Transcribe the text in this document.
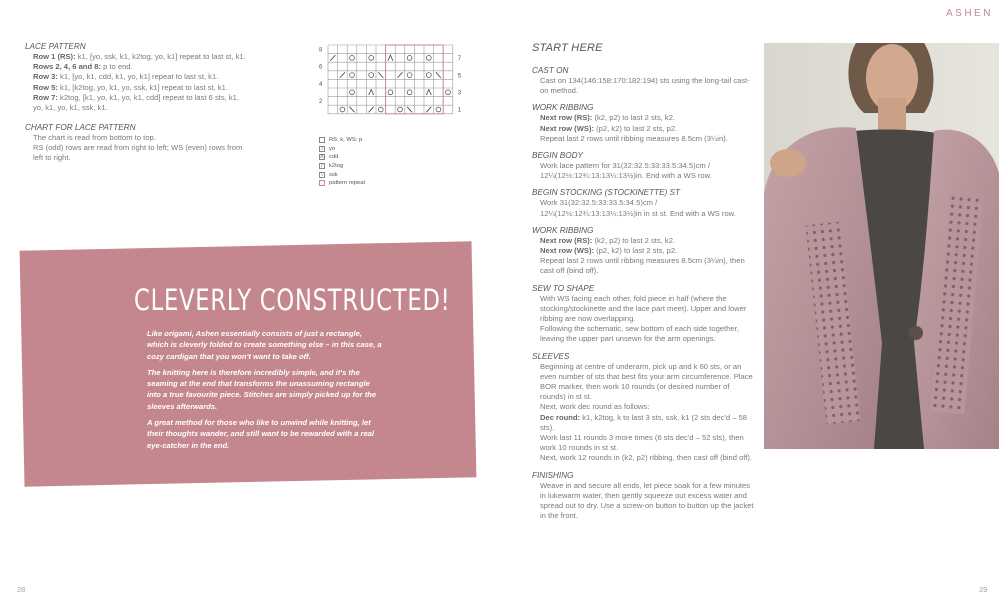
ASHEN
LACE PATTERN
Row 1 (RS): k1, [yo, ssk, k1, k2tog, yo, k1] repeat to last st, k1.
Rows 2, 4, 6 and 8: p to end.
Row 3: k1, [yo, k1, cdd, k1, yo, k1] repeat to last st, k1.
Row 5: k1, [k2tog, yo, k1, yo, ssk, k1] repeat to last st, k1.
Row 7: k2tog, [k1, yo, k1, yo, k1, cdd] repeat to last 6 sts, k1, yo, k1, yo, k1, ssk, k1.
CHART FOR LACE PATTERN
The chart is read from bottom to top.
RS (odd) rows are read from right to left; WS (even) rows from left to right.
8
6
4
2
7
5
3
1
RS: k, WS: p
○ yo
Λ cdd
/	k2tog
\	ssk
pattern repeat
CLEVERLY CONSTRUCTED!

Like origami, Ashen essentially consists of just a rectangle, which is cleverly folded to create something else – in this case, a cozy cardigan that you won't want to take off.

The knitting here is therefore incredibly simple, and it's the seaming at the end that transforms the unassuming rectangle into a true favourite piece. Stitches are simply picked up for the sleeves afterwards.

A great method for those who like to unwind while knitting, let their thoughts wander, and still want to be rewarded with a real eye-catcher in the end.

START HERE
CAST ON
Cast on 134(146:158:170:182:194) sts using the long-tail cast-on method.
WORK RIBBING
Next row (RS): (k2, p2) to last 2 sts, k2.
Next row (WS): (p2, k2) to last 2 sts, p2.
Repeat last 2 rows until ribbing measures 8.5cm (3¼in).
BEGIN BODY
Work lace pattern for 31(32:32.5:33:33.5:34.5)cm / 12¼(12½:12¾:13:13¼:13½)in. End with a WS row.
BEGIN STOCKING (STOCKINETTE) ST
Work 31(32:32.5:33:33.5:34.5)cm / 12¼(12½:12¾:13:13¼:13½)in in st st. End with a WS row.
WORK RIBBING
Next row (RS): (k2, p2) to last 2 sts, k2.
Next row (WS): (p2, k2) to last 2 sts, p2.
Repeat last 2 rows until ribbing measures 8.5cm (3¼in), then cast off (bind off).
SEW TO SHAPE
With WS facing each other, fold piece in half (where the stocking/stockinette and the lace part meet). Upper and lower ribbing are now overlapping.
Following the schematic, sew bottom of each side together, leaving the upper part unsewn for the arm openings.
SLEEVES
Beginning at centre of underarm, pick up and k 60 sts, or an even number of sts that best fits your arm circumference. Place BOR marker, then work 10 rounds (or desired number of rounds) in st st.
Next, work dec round as follows:
Dec round: k1, k2tog, k to last 3 sts, ssk, k1 (2 sts dec'd – 58 sts).
Work last 11 rounds 3 more times (6 sts dec'd – 52 sts), then work 10 rounds in st st.
Next, work 12 rounds in (k2, p2) ribbing, then cast off (bind off).
FINISHING
Weave in and secure all ends, let piece soak for a few minutes in lukewarm water, then gently squeeze out excess water and spread out to dry. Use a screw-on button to button up the jacket in the front.
28	29
